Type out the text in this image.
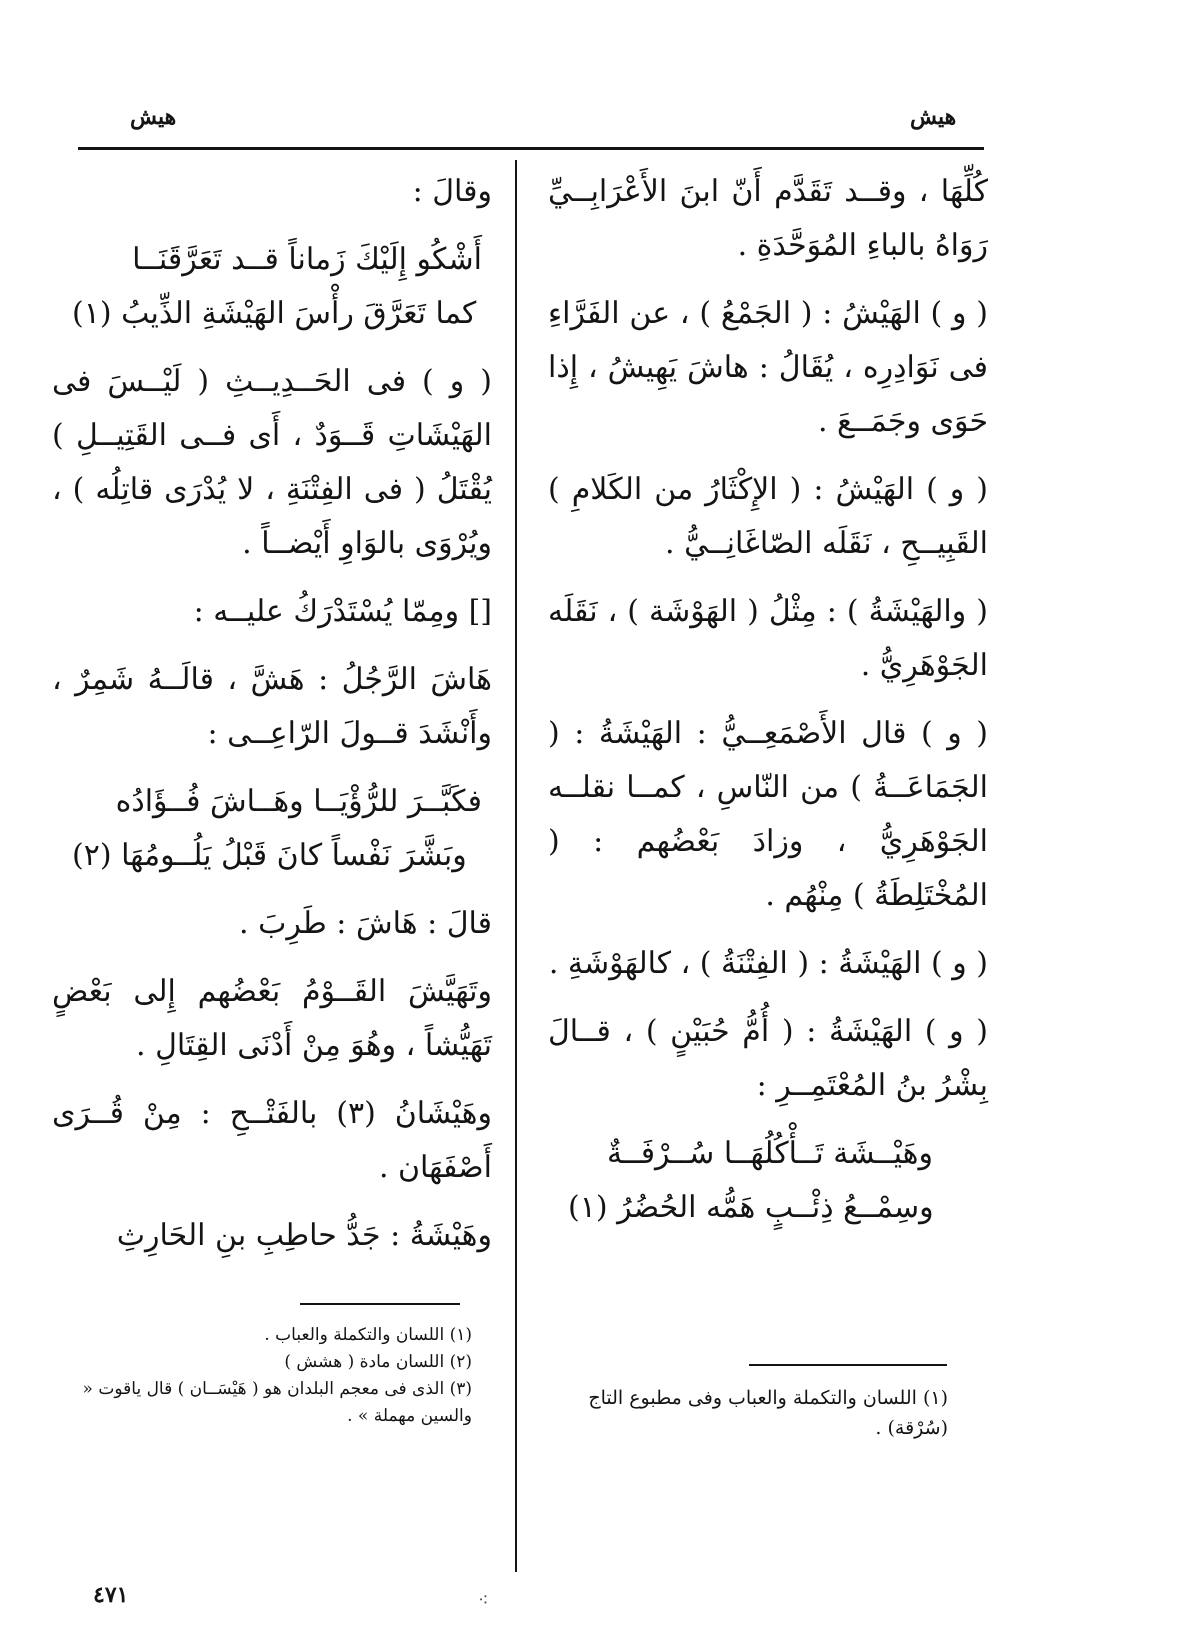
هيش
هيش

كُلِّهَا ، وقــد تَقَدَّم أَنّ ابنَ الأَعْرَابِــيِّ رَوَاهُ بالباءِ المُوَحَّدَةِ .

( و ) الهَيْشُ : ( الجَمْعُ ) ، عن الفَرَّاءِ فى نَوَادِرِه ، يُقَالُ : هاشَ يَهِيشُ ، إِذا حَوَى وجَمَــعَ .

( و ) الهَيْشُ : ( الإِكْثَارُ من الكَلامِ ) القَبِيــحِ ، نَقَلَه الصّاغَانِــيُّ .

( والهَيْشَةُ ) : مِثْلُ ( الهَوْشَة ) ، نَقَلَه الجَوْهَرِيُّ .

( و ) قال الأَصْمَعِــيُّ : الهَيْشَةُ : ( الجَمَاعَــةُ ) من النّاسِ ، كمــا نقلــه الجَوْهَرِيُّ ، وزادَ بَعْضُهم : ( المُخْتَلِطَةُ ) مِنْهُم .

( و ) الهَيْشَةُ : ( الفِتْنَةُ ) ، كالهَوْشَةِ .

( و ) الهَيْشَةُ : ( أُمُّ حُبَيْنٍ ) ، قــالَ بِشْرُ بنُ المُعْتَمِــرِ :

وهَيْــشَة تَــأْكُلُهَــا سُــرْفَــةٌ

وسِمْــعُ ذِئْــبٍ هَمُّه الحُضُرُ (١)

(١) اللسان والتكملة والعباب وفى مطبوع التاج (سُرْقة) .

وقالَ :

أَشْكُو إِلَيْكَ زَماناً قــد تَعَرَّقَنَــا

كما تَعَرَّقَ رأْسَ الهَيْشَةِ الذِّيبُ (١)

( و ) فى الحَــدِيــثِ ( لَيْــسَ فى الهَيْشَاتِ قَــوَدٌ ، أَى فــى القَتِيــلِ ) يُقْتَلُ ( فى الفِتْنَةِ ، لا يُدْرَى قاتِلُه ) ، ويُرْوَى بالوَاوِ أَيْضــاً .

[] ومِمّا يُسْتَدْرَكُ عليــه :

هَاشَ الرَّجُلُ : هَشَّ ، قالَــهُ شَمِرٌ ، وأَنْشَدَ قــولَ الرّاعِــى :

فكَبَّــرَ للرُّؤْيَــا وهَــاشَ فُــؤَادُه

وبَشَّرَ نَفْساً كانَ قَبْلُ يَلُــومُهَا (٢)

قالَ : هَاشَ : طَرِبَ .

وتَهَيَّشَ القَــوْمُ بَعْضُهم إِلى بَعْضٍ تَهَيُّشاً ، وهُوَ مِنْ أَدْنَى القِتَالِ .

وهَيْشَانُ (٣) بالفَتْــحِ : مِنْ قُــرَى أَصْفَهَان .

وهَيْشَةُ : جَدُّ حاطِبِ بنِ الحَارِثِ

(١) اللسان والتكملة والعباب .

(٢) اللسان مادة ( هشش )

(٣) الذى فى معجم البلدان هو ( هَيْسَــان ) قال ياقوت « والسين مهملة » .

٤٧١	⁖
